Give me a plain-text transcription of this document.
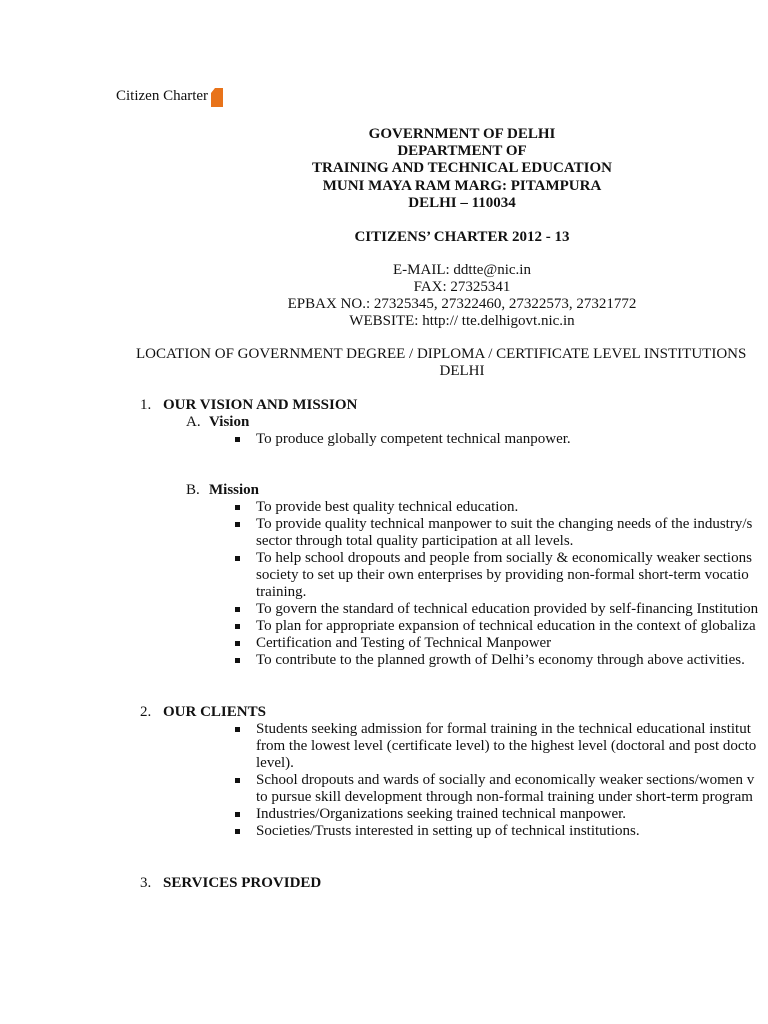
Citizen Charter
GOVERNMENT OF DELHI
DEPARTMENT OF
TRAINING AND TECHNICAL EDUCATION
MUNI MAYA RAM MARG: PITAMPURA
DELHI – 110034
CITIZENS’ CHARTER 2012 - 13
E-MAIL: ddtte@nic.in
FAX: 27325341
EPBAX NO.: 27325345, 27322460, 27322573, 27321772
WEBSITE: http:// tte.delhigovt.nic.in
LOCATION OF GOVERNMENT DEGREE / DIPLOMA / CERTIFICATE LEVEL INSTITUTIONS
DELHI
1. OUR VISION AND MISSION
A. Vision
To produce globally competent technical manpower.
B. Mission
To provide best quality technical education.
To provide quality technical manpower to suit the changing needs of the industry/s
sector through total quality participation at all levels.
To help school dropouts and people from socially & economically weaker sections
society to set up their own enterprises by providing non-formal short-term vocatio
training.
To govern the standard of technical education provided by self-financing Institution
To plan for appropriate expansion of technical education in the context of globaliza
Certification and Testing of Technical Manpower
To contribute to the planned growth of Delhi’s economy through above activities.
2. OUR CLIENTS
Students seeking admission for formal training in the technical educational institut
from the lowest level (certificate level) to the highest level (doctoral and post docto
level).
School dropouts and wards of socially and economically weaker sections/women v
to pursue skill development through non-formal training under short-term program
Industries/Organizations seeking trained technical manpower.
Societies/Trusts interested in setting up of technical institutions.
3. SERVICES PROVIDED
